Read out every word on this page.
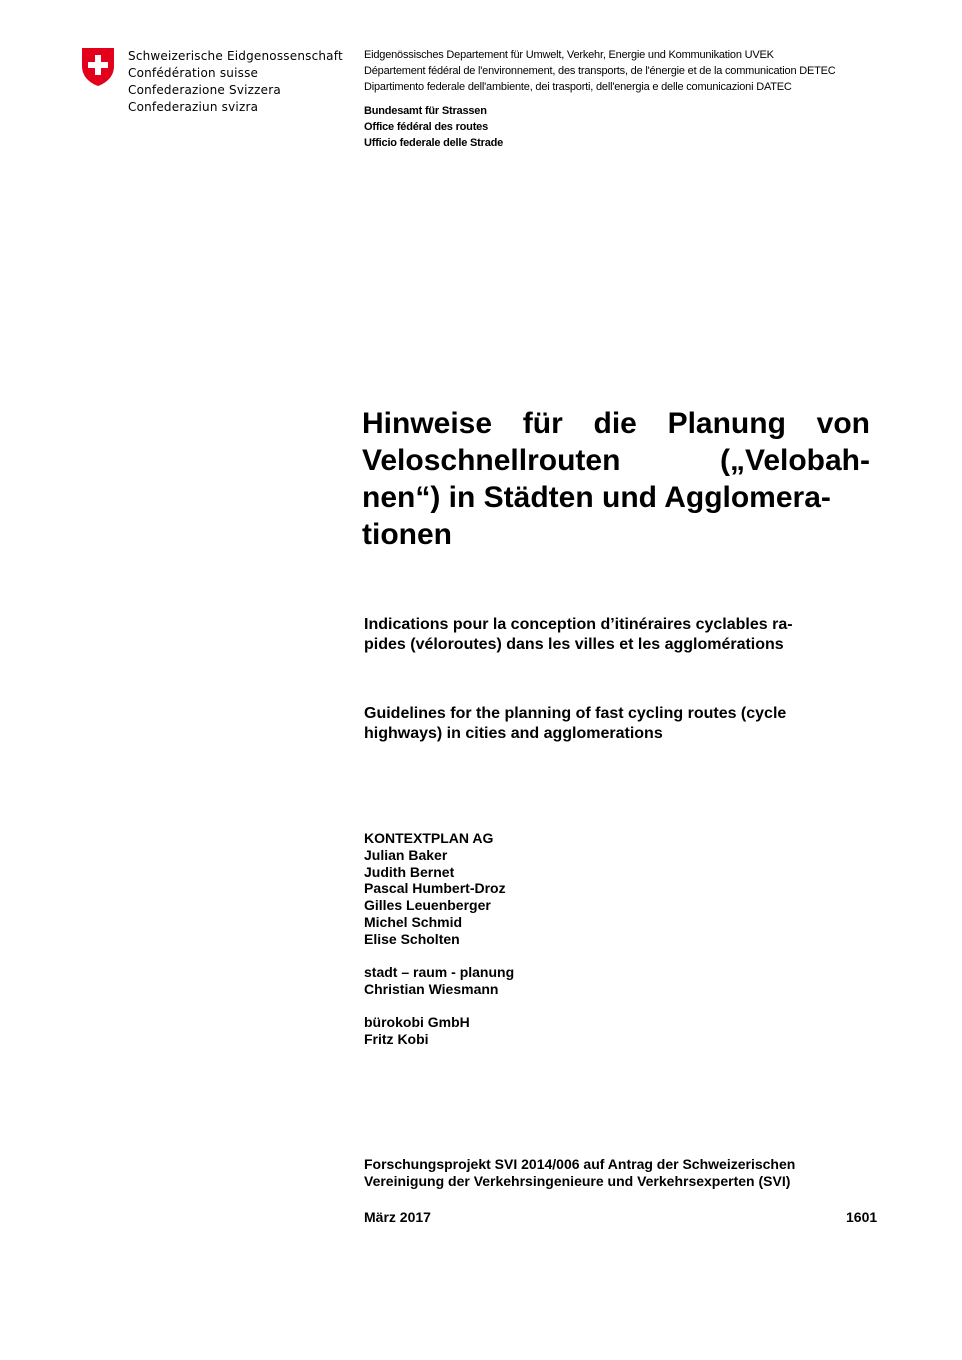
Schweizerische Eidgenossenschaft
Confédération suisse
Confederazione Svizzera
Confederaziun svizra
Eidgenössisches Departement für Umwelt, Verkehr, Energie und Kommunikation UVEK
Département fédéral de l'environnement, des transports, de l'énergie et de la communication DETEC
Dipartimento federale dell'ambiente, dei trasporti, dell'energia e delle comunicazioni DATEC
Bundesamt für Strassen
Office fédéral des routes
Ufficio federale delle Strade
Hinweise für die Planung von
Veloschnellrouten	(„Velobah-
nen“) in Städten und Agglomera-
tionen
Indications pour la conception d’itinéraires cyclables ra-
pides (véloroutes) dans les villes et les agglomérations
Guidelines for the planning of fast cycling routes (cycle
highways) in cities and agglomerations
KONTEXTPLAN AG
Julian Baker
Judith Bernet
Pascal Humbert-Droz
Gilles Leuenberger
Michel Schmid
Elise Scholten
stadt – raum - planung
Christian Wiesmann
bürokobi GmbH
Fritz Kobi
Forschungsprojekt SVI 2014/006 auf Antrag der Schweizerischen
Vereinigung der Verkehrsingenieure und Verkehrsexperten (SVI)
März 2017	1601
